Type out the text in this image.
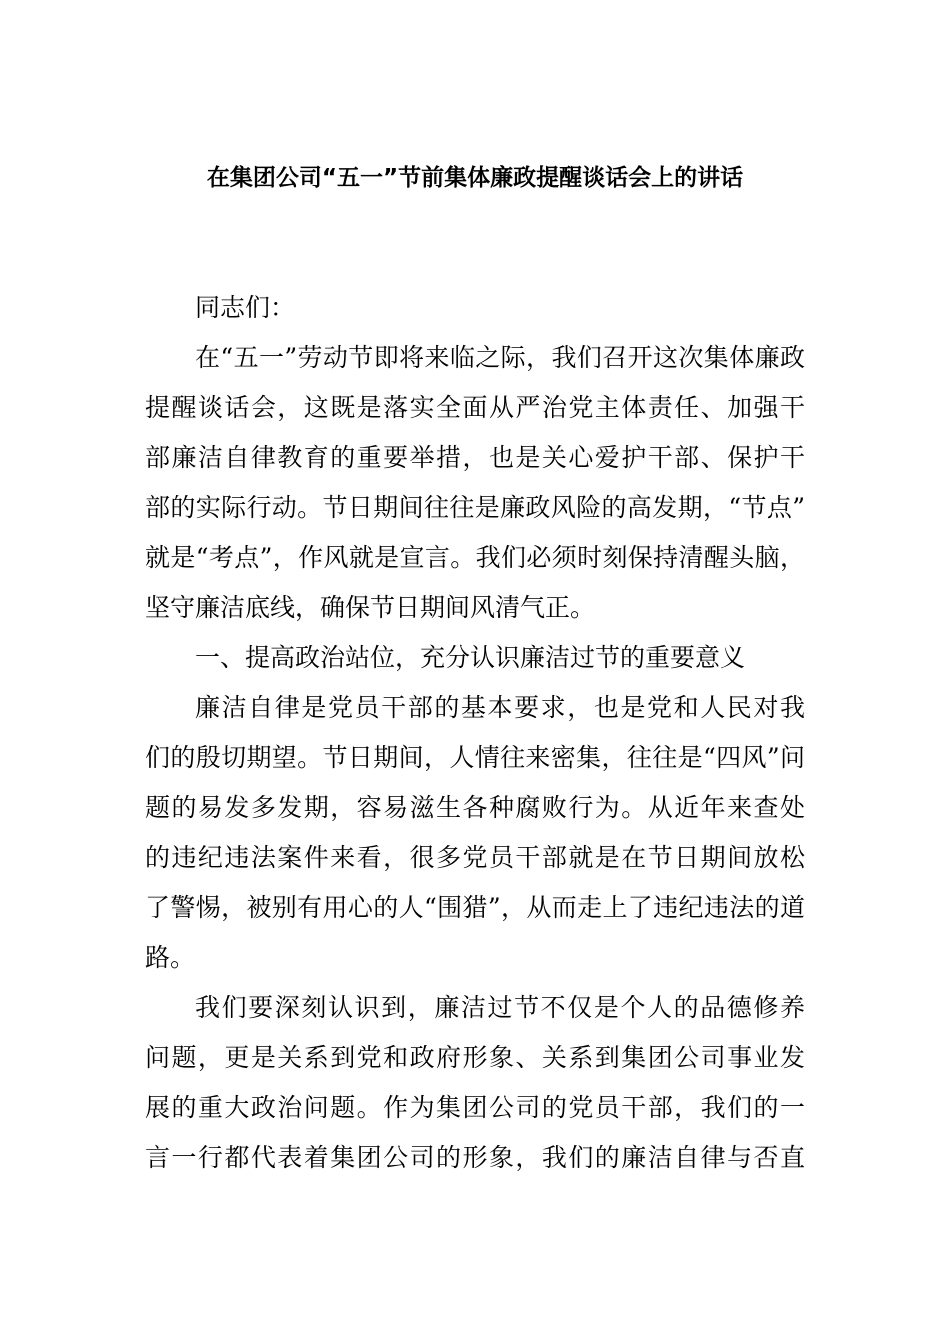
在集团公司“五一”节前集体廉政提醒谈话会上的讲话
同志们：
在“五一”劳动节即将来临之际，我们召开这次集体廉政
提醒谈话会，这既是落实全面从严治党主体责任、加强干
部廉洁自律教育的重要举措，也是关心爱护干部、保护干
部的实际行动。节日期间往往是廉政风险的高发期，“节点”
就是“考点”，作风就是宣言。我们必须时刻保持清醒头脑，
坚守廉洁底线，确保节日期间风清气正。
一、提高政治站位，充分认识廉洁过节的重要意义
廉洁自律是党员干部的基本要求，也是党和人民对我
们的殷切期望。节日期间，人情往来密集，往往是“四风”问
题的易发多发期，容易滋生各种腐败行为。从近年来查处
的违纪违法案件来看，很多党员干部就是在节日期间放松
了警惕，被别有用心的人“围猎”，从而走上了违纪违法的道
路。
我们要深刻认识到，廉洁过节不仅是个人的品德修养
问题，更是关系到党和政府形象、关系到集团公司事业发
展的重大政治问题。作为集团公司的党员干部，我们的一
言一行都代表着集团公司的形象，我们的廉洁自律与否直
